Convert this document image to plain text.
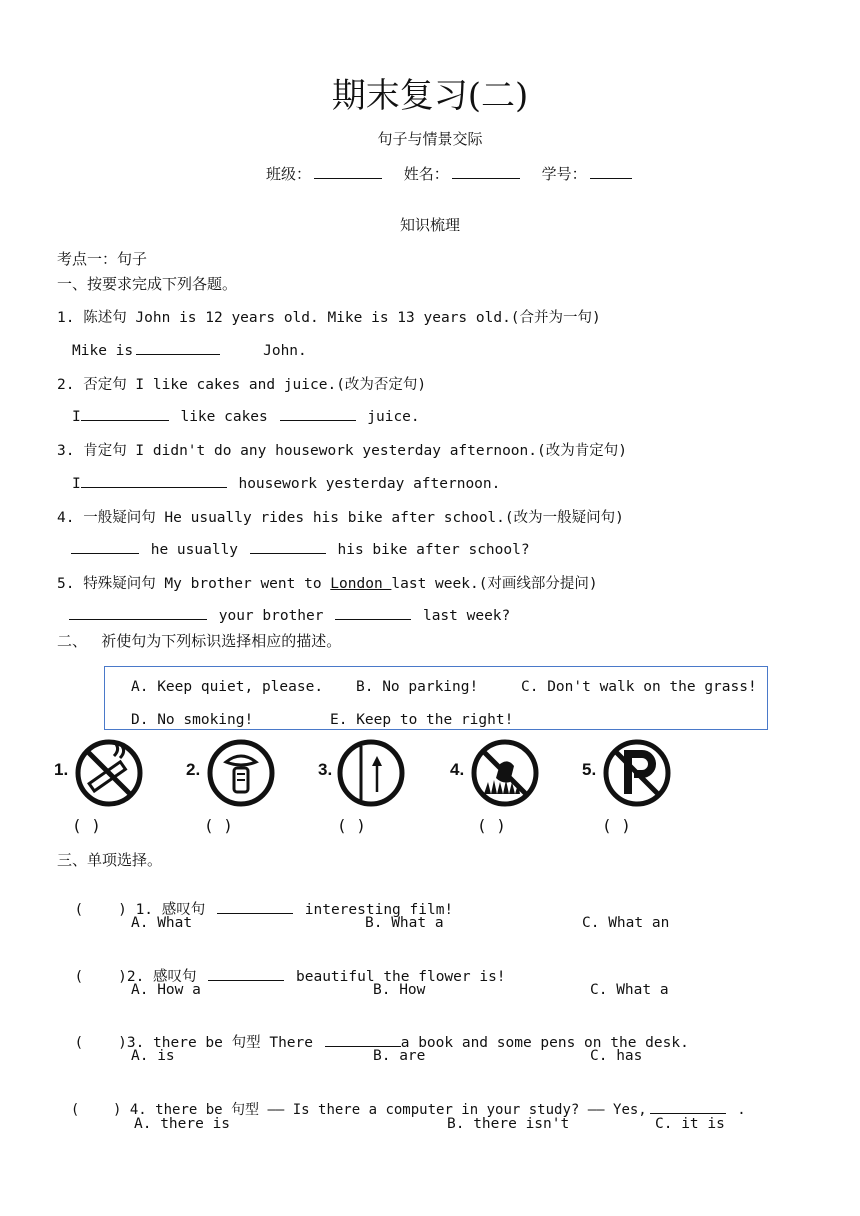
期末复习(二)
句子与情景交际
班级：	姓名：	学号：
知识梳理
考点一：句子
一、按要求完成下列各题。
1. 陈述句 John is 12 years old. Mike is 13 years old.(合并为一句)
Mike is	John.
2. 否定句 I like cakes and juice.(改为否定句)
I	like cakes	juice.
3. 肯定句 I didn't do any housework yesterday afternoon.(改为肯定句)
I	housework yesterday afternoon.
4. 一般疑问句 He usually rides his bike after school.(改为一般疑问句)
he usually	his bike after school?
5. 特殊疑问句 My brother went to London last week.(对画线部分提问)
your brother	last week?
二、   祈使句为下列标识选择相应的描述。
A. Keep quiet, please. B. No parking!	C. Don't walk on the grass!
D. No smoking!	E. Keep to the right!
1.	2.	3.	4.	5.
( )	( )	( )	( )	( )
三、单项选择。

(    ) 1. 感叹句	interesting film!

A. What	B. What a	C. What an

(    )2. 感叹句	beautiful the flower is!

A. How a	B. How	C. What a

(    )3. there be 句型 There	a book and some pens on the desk.

A. is	B. are	C. has

(    ) 4. there be 句型 —— Is there a computer in your study? —— Yes,	.

A. there is	B. there isn't	C. it is
